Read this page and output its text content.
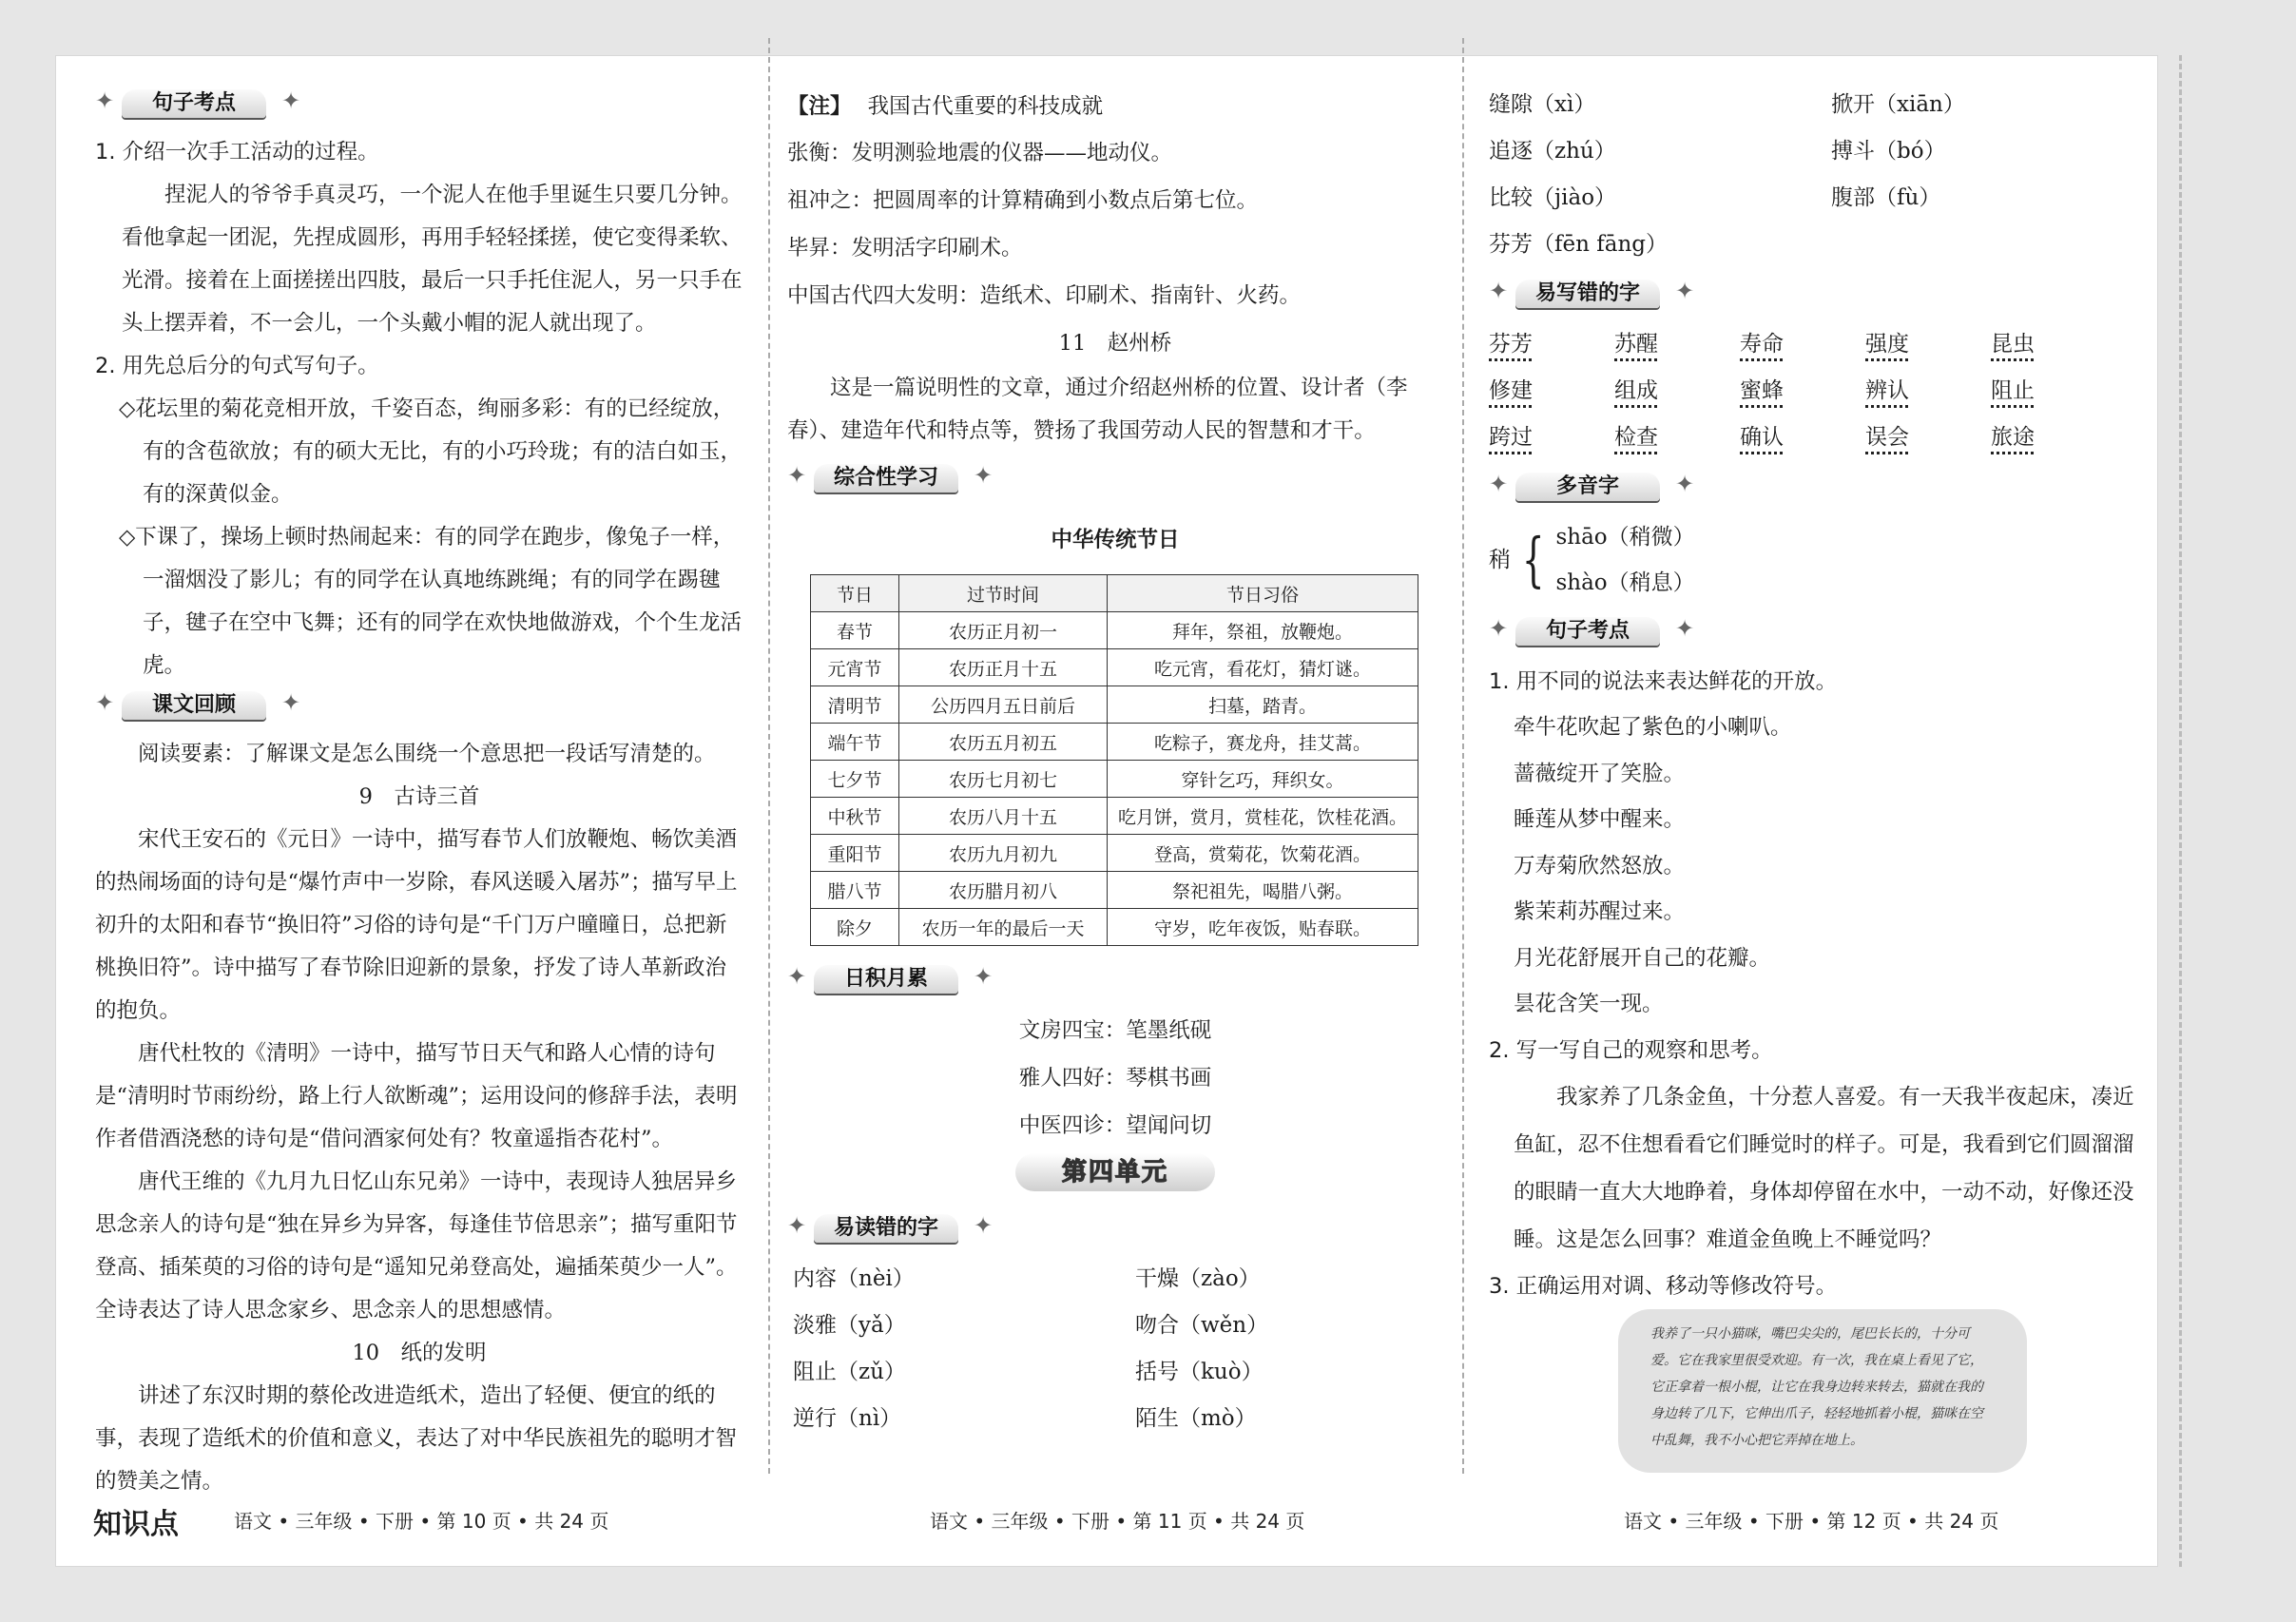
✦	句子考点	✦

1. 介绍一次手工活动的过程。

捏泥人的爷爷手真灵巧，一个泥人在他手里诞生只要几分钟。看他拿起一团泥，先捏成圆形，再用手轻轻揉搓，使它变得柔软、光滑。接着在上面搓搓出四肢，最后一只手托住泥人，另一只手在头上摆弄着，不一会儿，一个头戴小帽的泥人就出现了。

2. 用先总后分的句式写句子。

◇花坛里的菊花竞相开放，千姿百态，绚丽多彩：有的已经绽放，有的含苞欲放；有的硕大无比，有的小巧玲珑；有的洁白如玉，有的深黄似金。

◇下课了，操场上顿时热闹起来：有的同学在跑步，像兔子一样，一溜烟没了影儿；有的同学在认真地练跳绳；有的同学在踢毽子，毽子在空中飞舞；还有的同学在欢快地做游戏，个个生龙活虎。

✦	课文回顾	✦

阅读要素：了解课文是怎么围绕一个意思把一段话写清楚的。

9　古诗三首

宋代王安石的《元日》一诗中，描写春节人们放鞭炮、畅饮美酒的热闹场面的诗句是“爆竹声中一岁除，春风送暖入屠苏”；描写早上初升的太阳和春节“换旧符”习俗的诗句是“千门万户曈曈日，总把新桃换旧符”。诗中描写了春节除旧迎新的景象，抒发了诗人革新政治的抱负。

唐代杜牧的《清明》一诗中，描写节日天气和路人心情的诗句是“清明时节雨纷纷，路上行人欲断魂”；运用设问的修辞手法，表明作者借酒浇愁的诗句是“借问酒家何处有？牧童遥指杏花村”。

唐代王维的《九月九日忆山东兄弟》一诗中，表现诗人独居异乡思念亲人的诗句是“独在异乡为异客，每逢佳节倍思亲”；描写重阳节登高、插茱萸的习俗的诗句是“遥知兄弟登高处，遍插茱萸少一人”。全诗表达了诗人思念家乡、思念亲人的思想感情。

10　纸的发明

讲述了东汉时期的蔡伦改进造纸术，造出了轻便、便宜的纸的事，表现了造纸术的价值和意义，表达了对中华民族祖先的聪明才智的赞美之情。

【注】 我国古代重要的科技成就

张衡：发明测验地震的仪器——地动仪。

祖冲之：把圆周率的计算精确到小数点后第七位。

毕昇：发明活字印刷术。

中国古代四大发明：造纸术、印刷术、指南针、火药。

11　赵州桥

这是一篇说明性的文章，通过介绍赵州桥的位置、设计者（李春）、建造年代和特点等，赞扬了我国劳动人民的智慧和才干。

✦	综合性学习	✦

中华传统节日

节日	过节时间	节日习俗
春节	农历正月初一	拜年，祭祖，放鞭炮。
元宵节	农历正月十五	吃元宵，看花灯，猜灯谜。
清明节	公历四月五日前后	扫墓，踏青。
端午节	农历五月初五	吃粽子，赛龙舟，挂艾蒿。
七夕节	农历七月初七	穿针乞巧，拜织女。
中秋节	农历八月十五	吃月饼，赏月，赏桂花，饮桂花酒。
重阳节	农历九月初九	登高，赏菊花，饮菊花酒。
腊八节	农历腊月初八	祭祀祖先，喝腊八粥。
除夕	农历一年的最后一天	守岁，吃年夜饭，贴春联。
✦	日积月累	✦

文房四宝：笔墨纸砚

雅人四好：琴棋书画

中医四诊：望闻问切

第四单元
✦	易读错的字	✦
内容（nèi）	干燥（zào）
淡雅（yǎ）	吻合（wěn）
阻止（zǔ）	括号（kuò）
逆行（nì）	陌生（mò）
缝隙（xì）	掀开（xiān）
追逐（zhú）	搏斗（bó）
比较（jiào）	腹部（fù）
芬芳（fēn fāng）
✦	易写错的字	✦
芬芳	苏醒	寿命	强度	昆虫
修建	组成	蜜蜂	辨认	阻止
跨过	检查	确认	误会	旅途
✦	多音字	✦
稍 { shāo（稍微）
shào（稍息）
✦	句子考点	✦

1. 用不同的说法来表达鲜花的开放。

牵牛花吹起了紫色的小喇叭。

蔷薇绽开了笑脸。

睡莲从梦中醒来。

万寿菊欣然怒放。

紫茉莉苏醒过来。

月光花舒展开自己的花瓣。

昙花含笑一现。

2. 写一写自己的观察和思考。

我家养了几条金鱼，十分惹人喜爱。有一天我半夜起床，凑近鱼缸，忍不住想看看它们睡觉时的样子。可是，我看到它们圆溜溜的眼睛一直大大地睁着，身体却停留在水中，一动不动，好像还没睡。这是怎么回事？难道金鱼晚上不睡觉吗？

3. 正确运用对调、移动等修改符号。

我养了一只小猫咪，嘴巴尖尖的，尾巴长长的，十分可爱。它在我家里很受欢迎。有一次，我在桌上看见了它，它正拿着一根小棍，让它在我身边转来转去，猫就在我的身边转了几下，它伸出爪子，轻轻地抓着小棍，猫咪在空中乱舞，我不小心把它弄掉在地上。
知识点	语文 • 三年级 • 下册 • 第 10 页 • 共 24 页	语文 • 三年级 • 下册 • 第 11 页 • 共 24 页	语文 • 三年级 • 下册 • 第 12 页 • 共 24 页
